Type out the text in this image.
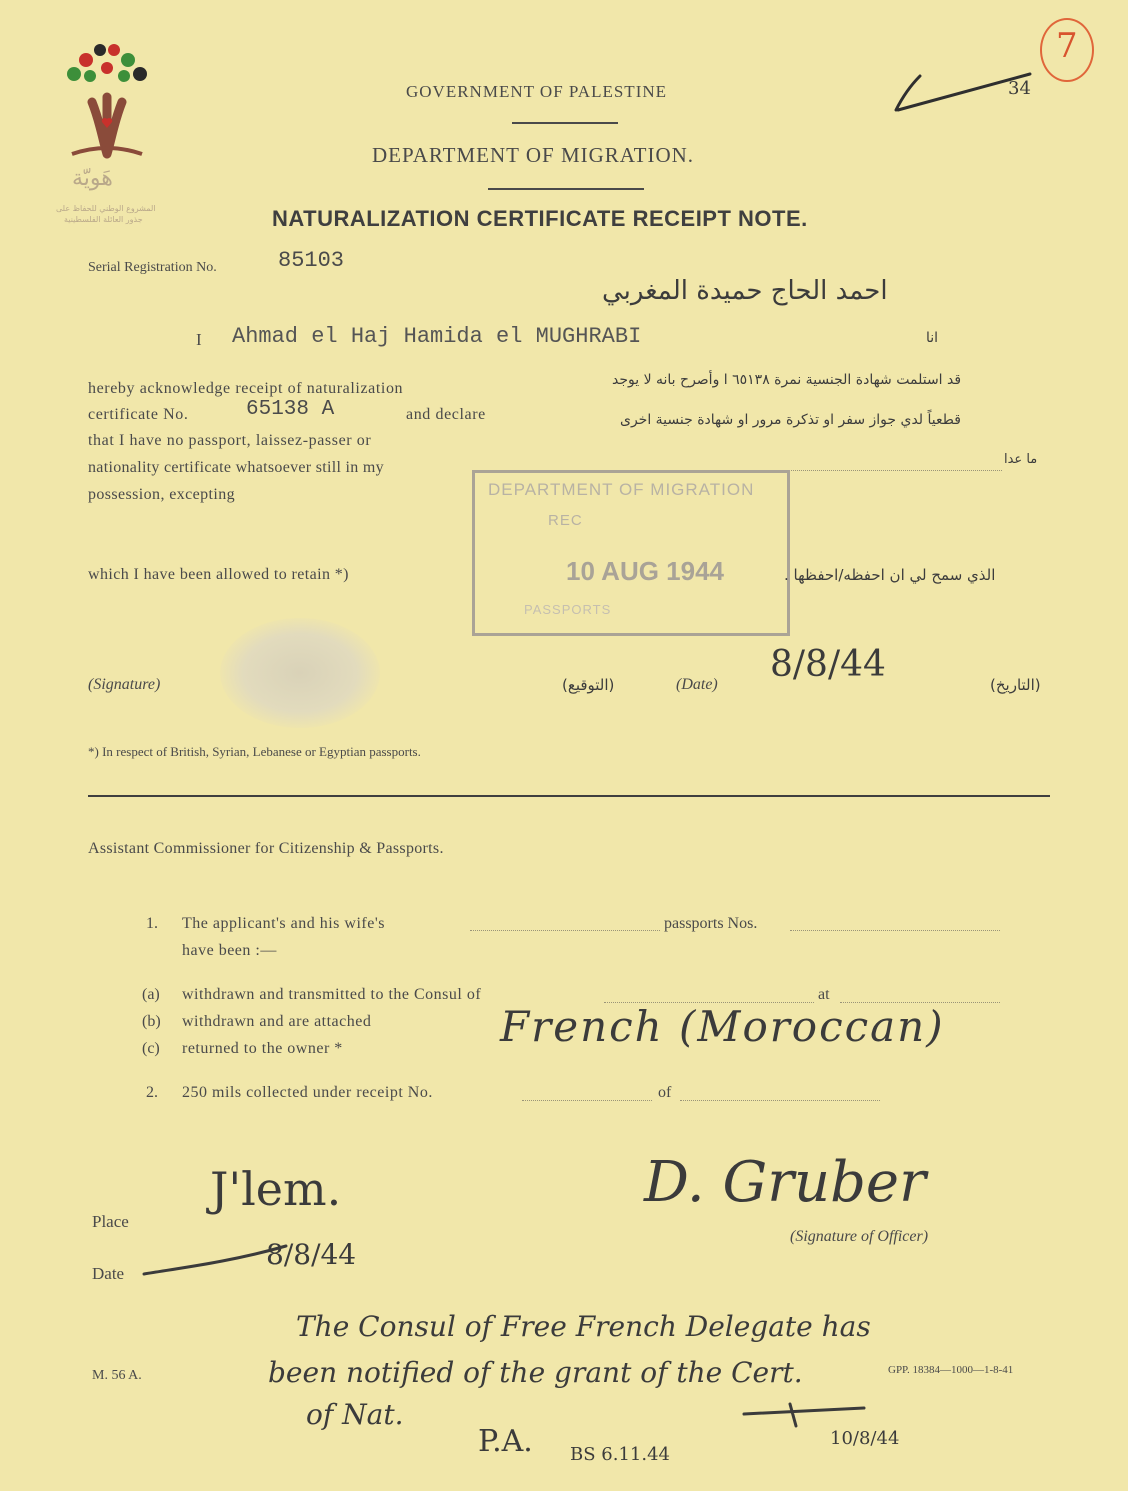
هَويّة
المشروع الوطني للحفاظ على
جذور العائلة الفلسطينية
7
34
GOVERNMENT OF PALESTINE
DEPARTMENT OF MIGRATION.
NATURALIZATION CERTIFICATE RECEIPT NOTE.
Serial Registration No.	85103
احمد الحاج حميدة المغربي
I Ahmad el Haj Hamida el MUGHRABI	انا
hereby acknowledge receipt of naturalization
certificate No.	65138 A	and declare
that I have no passport, laissez-passer or
nationality certificate whatsoever still in my
possession, excepting
قد استلمت شهادة الجنسية نمرة ٦٥١٣٨ ا وأصرح بانه لا يوجد
قطعياً لدي جواز سفر او تذكرة مرور او شهادة جنسية اخرى
ما عدا
DEPARTMENT OF MIGRATION
REC
10 AUG 1944
PASSPORTS
which I have been allowed to retain *)	الذي سمح لي ان احفظه/احفظها .
(Signature)	(التوقيع)	(Date) 8/8/44	(التاريخ)
*) In respect of British, Syrian, Lebanese or Egyptian passports.
Assistant Commissioner for Citizenship & Passports.
1. The applicant's and his wife's	passports Nos.
have been :—
(a) withdrawn and transmitted to the Consul of	at
(b) withdrawn and are attached
(c) returned to the owner *	French (Moroccan)
2. 250 mils collected under receipt No.	of
Place
J'lem.
Date
8/8/44
D. Gruber
(Signature of Officer)
The Consul of Free French Delegate has
been notified of the grant of the Cert.
of Nat.
P.A. BS 6.11.44
10/8/44
M. 56 A.	GPP. 18384—1000—1-8-41
